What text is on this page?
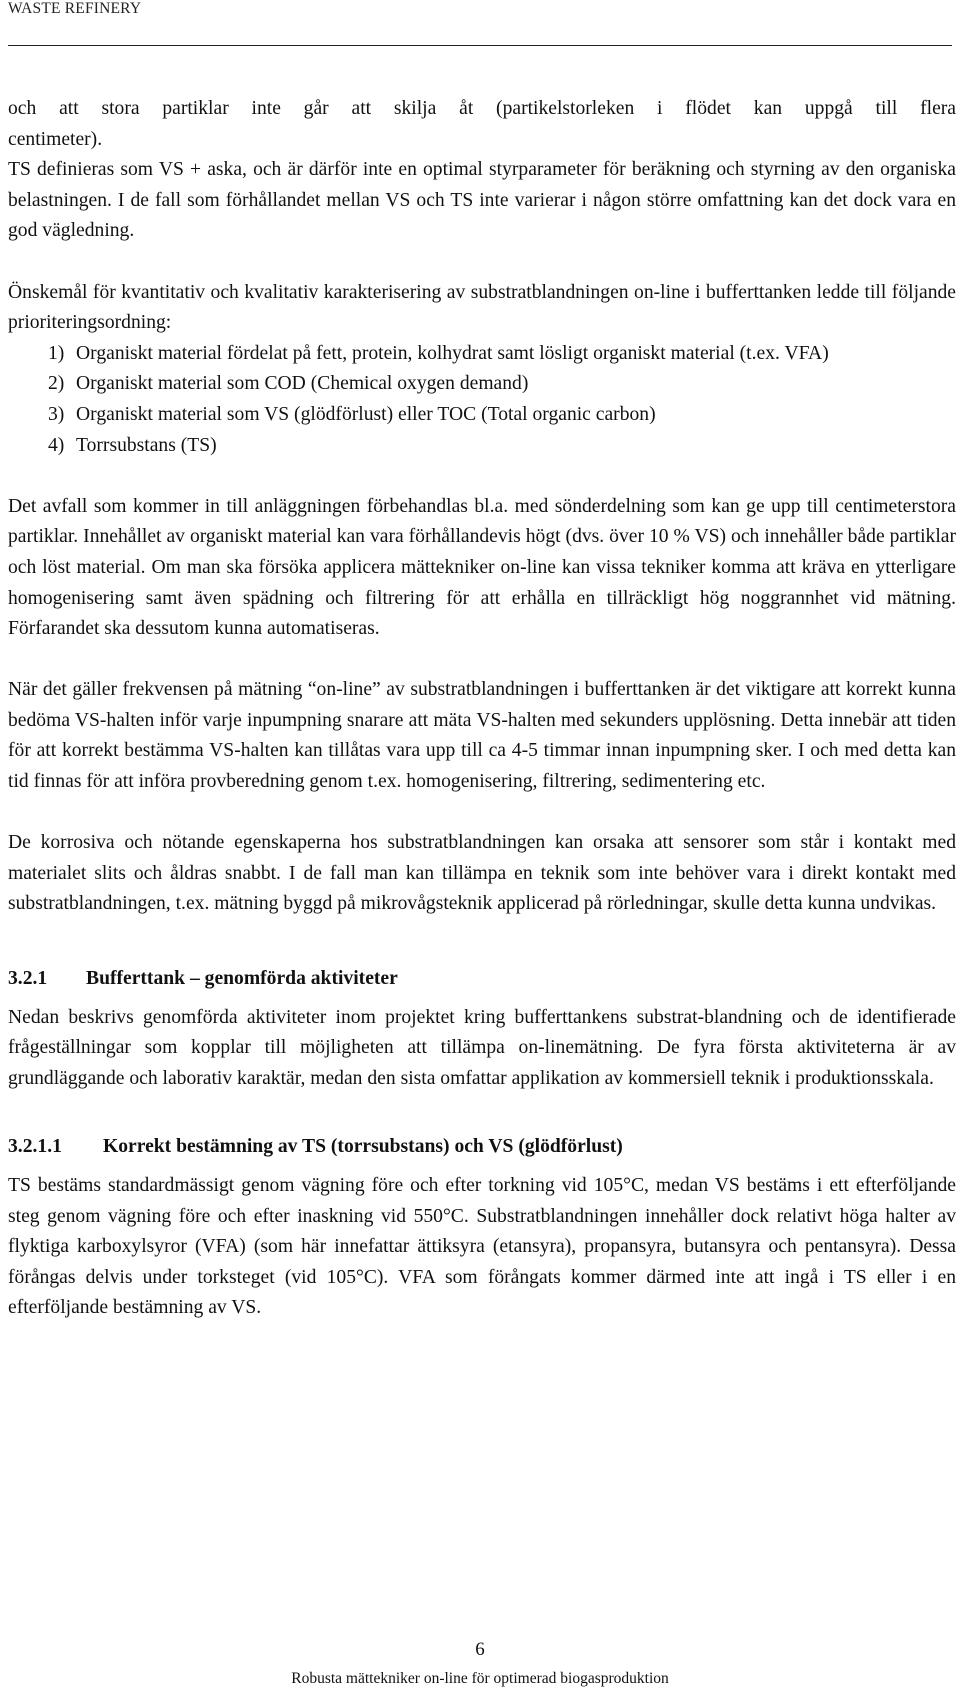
WASTE REFINERY

och att stora partiklar inte går att skilja åt (partikelstorleken i flödet kan uppgå till flera

centimeter).

TS definieras som VS + aska, och är därför inte en optimal styrparameter för beräkning och styrning av den organiska belastningen. I de fall som förhållandet mellan VS och TS inte varierar i någon större omfattning kan det dock vara en god vägledning.

Önskemål för kvantitativ och kvalitativ karakterisering av substratblandningen on-line i bufferttanken ledde till följande prioriteringsordning:

1) Organiskt material fördelat på fett, protein, kolhydrat samt lösligt organiskt material (t.ex. VFA)
2) Organiskt material som COD (Chemical oxygen demand)
3) Organiskt material som VS (glödförlust) eller TOC (Total organic carbon)
4) Torrsubstans (TS)

Det avfall som kommer in till anläggningen förbehandlas bl.a. med sönderdelning som kan ge upp till centimeterstora partiklar. Innehållet av organiskt material kan vara förhållandevis högt (dvs. över 10 % VS) och innehåller både partiklar och löst material. Om man ska försöka applicera mättekniker on-line kan vissa tekniker komma att kräva en ytterligare homogenisering samt även spädning och filtrering för att erhålla en tillräckligt hög noggrannhet vid mätning. Förfarandet ska dessutom kunna automatiseras.

När det gäller frekvensen på mätning “on-line” av substratblandningen i bufferttanken är det viktigare att korrekt kunna bedöma VS-halten inför varje inpumpning snarare att mäta VS-halten med sekunders upplösning. Detta innebär att tiden för att korrekt bestämma VS-halten kan tillåtas vara upp till ca 4-5 timmar innan inpumpning sker. I och med detta kan tid finnas för att införa provberedning genom t.ex. homogenisering, filtrering, sedimentering etc.

De korrosiva och nötande egenskaperna hos substratblandningen kan orsaka att sensorer som står i kontakt med materialet slits och åldras snabbt. I de fall man kan tillämpa en teknik som inte behöver vara i direkt kontakt med substratblandningen, t.ex. mätning byggd på mikrovågsteknik applicerad på rörledningar, skulle detta kunna undvikas.

3.2.1	Bufferttank – genomförda aktiviteter

Nedan beskrivs genomförda aktiviteter inom projektet kring bufferttankens substrat-blandning och de identifierade frågeställningar som kopplar till möjligheten att tillämpa on-linemätning. De fyra första aktiviteterna är av grundläggande och laborativ karaktär, medan den sista omfattar applikation av kommersiell teknik i produktionsskala.

3.2.1.1	Korrekt bestämning av TS (torrsubstans) och VS (glödförlust)

TS bestäms standardmässigt genom vägning före och efter torkning vid 105°C, medan VS bestäms i ett efterföljande steg genom vägning före och efter inaskning vid 550°C. Substratblandningen innehåller dock relativt höga halter av flyktiga karboxylsyror (VFA) (som här innefattar ättiksyra (etansyra), propansyra, butansyra och pentansyra). Dessa förångas delvis under torksteget (vid 105°C). VFA som förångats kommer därmed inte att ingå i TS eller i en efterföljande bestämning av VS.

6
Robusta mättekniker on-line för optimerad biogasproduktion
